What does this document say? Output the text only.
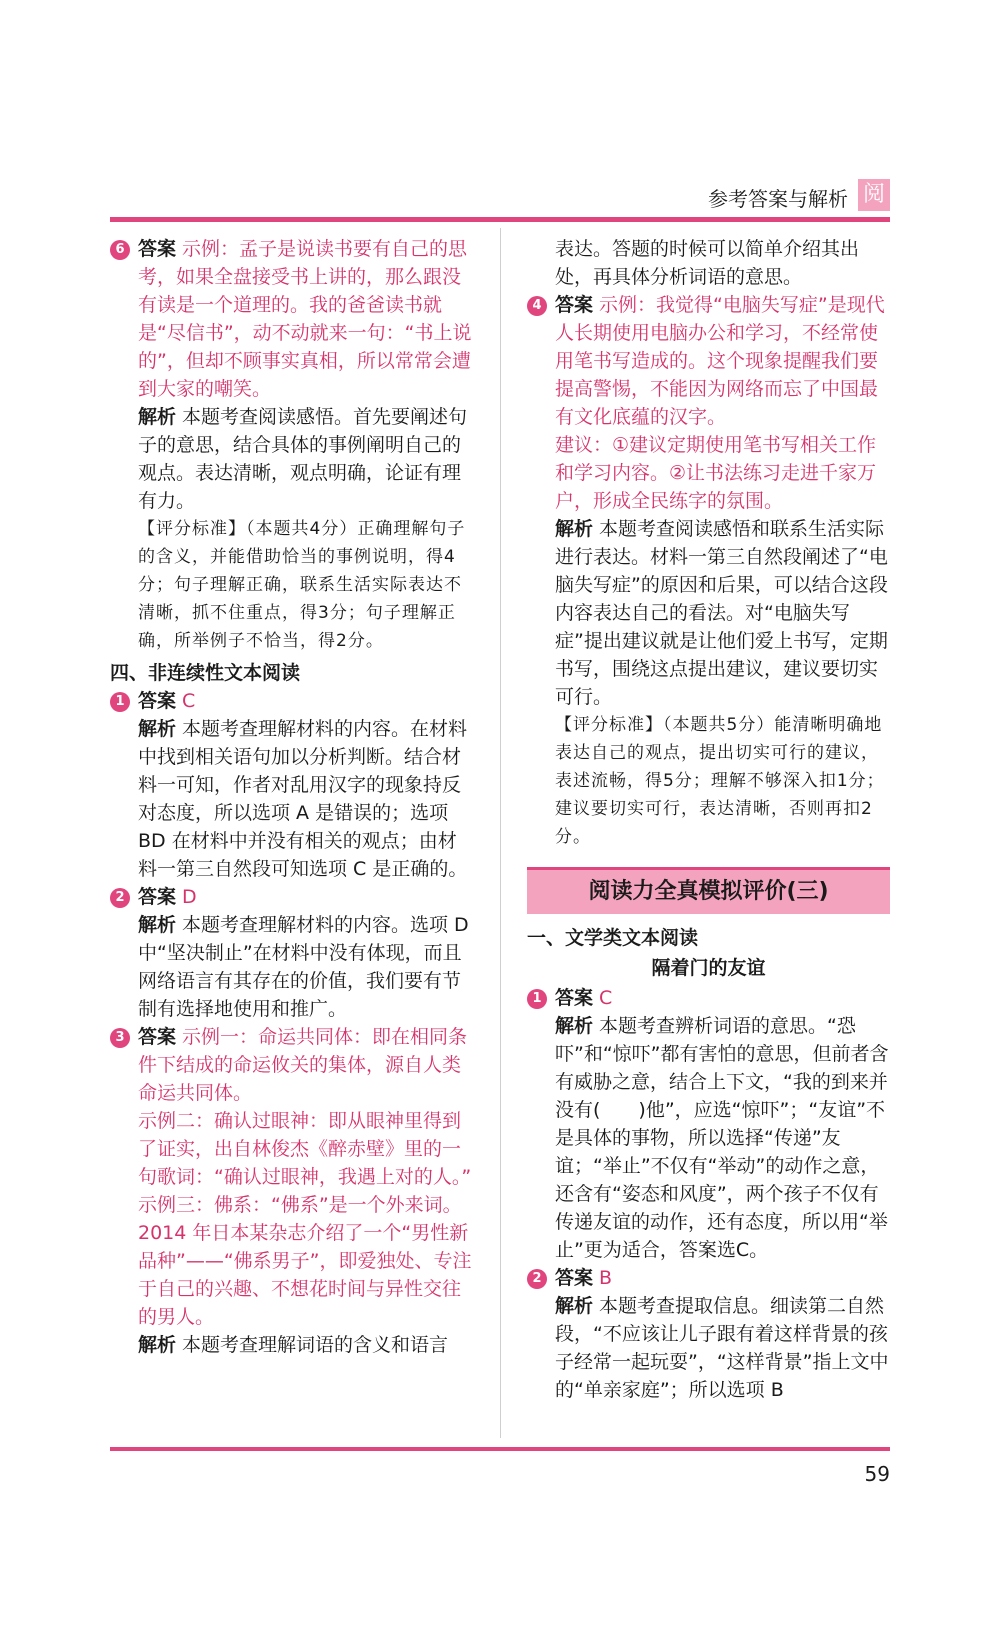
参考答案与解析 阅
6 答案 示例：孟子是说读书要有自己的思考，如果全盘接受书上讲的，那么跟没有读是一个道理的。我的爸爸读书就是“尽信书”，动不动就来一句：“书上说的”，但却不顾事实真相，所以常常会遭到大家的嘲笑。

解析 本题考查阅读感悟。首先要阐述句子的意思，结合具体的事例阐明自己的观点。表达清晰，观点明确，论证有理有力。

【评分标准】（本题共4分）正确理解句子的含义，并能借助恰当的事例说明，得4分；句子理解正确，联系生活实际表达不清晰，抓不住重点，得3分；句子理解正确，所举例子不恰当，得2分。

四、非连续性文本阅读

1 答案 C

解析 本题考查理解材料的内容。在材料中找到相关语句加以分析判断。结合材料一可知，作者对乱用汉字的现象持反对态度，所以选项 A 是错误的；选项 BD 在材料中并没有相关的观点；由材料一第三自然段可知选项 C 是正确的。

2 答案 D

解析 本题考查理解材料的内容。选项 D 中“坚决制止”在材料中没有体现，而且网络语言有其存在的价值，我们要有节制有选择地使用和推广。

3 答案 示例一：命运共同体：即在相同条件下结成的命运攸关的集体，源自人类命运共同体。

示例二：确认过眼神：即从眼神里得到了证实，出自林俊杰《醉赤壁》里的一句歌词：“确认过眼神，我遇上对的人。”

示例三：佛系：“佛系”是一个外来词。2014 年日本某杂志介绍了一个“男性新品种”——“佛系男子”，即爱独处、专注于自己的兴趣、不想花时间与异性交往的男人。

解析 本题考查理解词语的含义和语言

表达。答题的时候可以简单介绍其出处，再具体分析词语的意思。

4 答案 示例：我觉得“电脑失写症”是现代人长期使用电脑办公和学习，不经常使用笔书写造成的。这个现象提醒我们要提高警惕，不能因为网络而忘了中国最有文化底蕴的汉字。

建议：①建议定期使用笔书写相关工作和学习内容。②让书法练习走进千家万户，形成全民练字的氛围。

解析 本题考查阅读感悟和联系生活实际进行表达。材料一第三自然段阐述了“电脑失写症”的原因和后果，可以结合这段内容表达自己的看法。对“电脑失写症”提出建议就是让他们爱上书写，定期书写，围绕这点提出建议，建议要切实可行。

【评分标准】（本题共5分）能清晰明确地表达自己的观点，提出切实可行的建议，表述流畅，得5分；理解不够深入扣1分；建议要切实可行，表达清晰，否则再扣2分。

阅读力全真模拟评价(三)

一、文学类文本阅读

隔着门的友谊

1 答案 C

解析 本题考查辨析词语的意思。“恐吓”和“惊吓”都有害怕的意思，但前者含有威胁之意，结合上下文，“我的到来并没有(　　)他”，应选“惊吓”；“友谊”不是具体的事物，所以选择“传递”友谊；“举止”不仅有“举动”的动作之意，还含有“姿态和风度”，两个孩子不仅有传递友谊的动作，还有态度，所以用“举止”更为适合，答案选C。

2 答案 B

解析 本题考查提取信息。细读第二自然段，“不应该让儿子跟有着这样背景的孩子经常一起玩耍”，“这样背景”指上文中的“单亲家庭”；所以选项 B

59
